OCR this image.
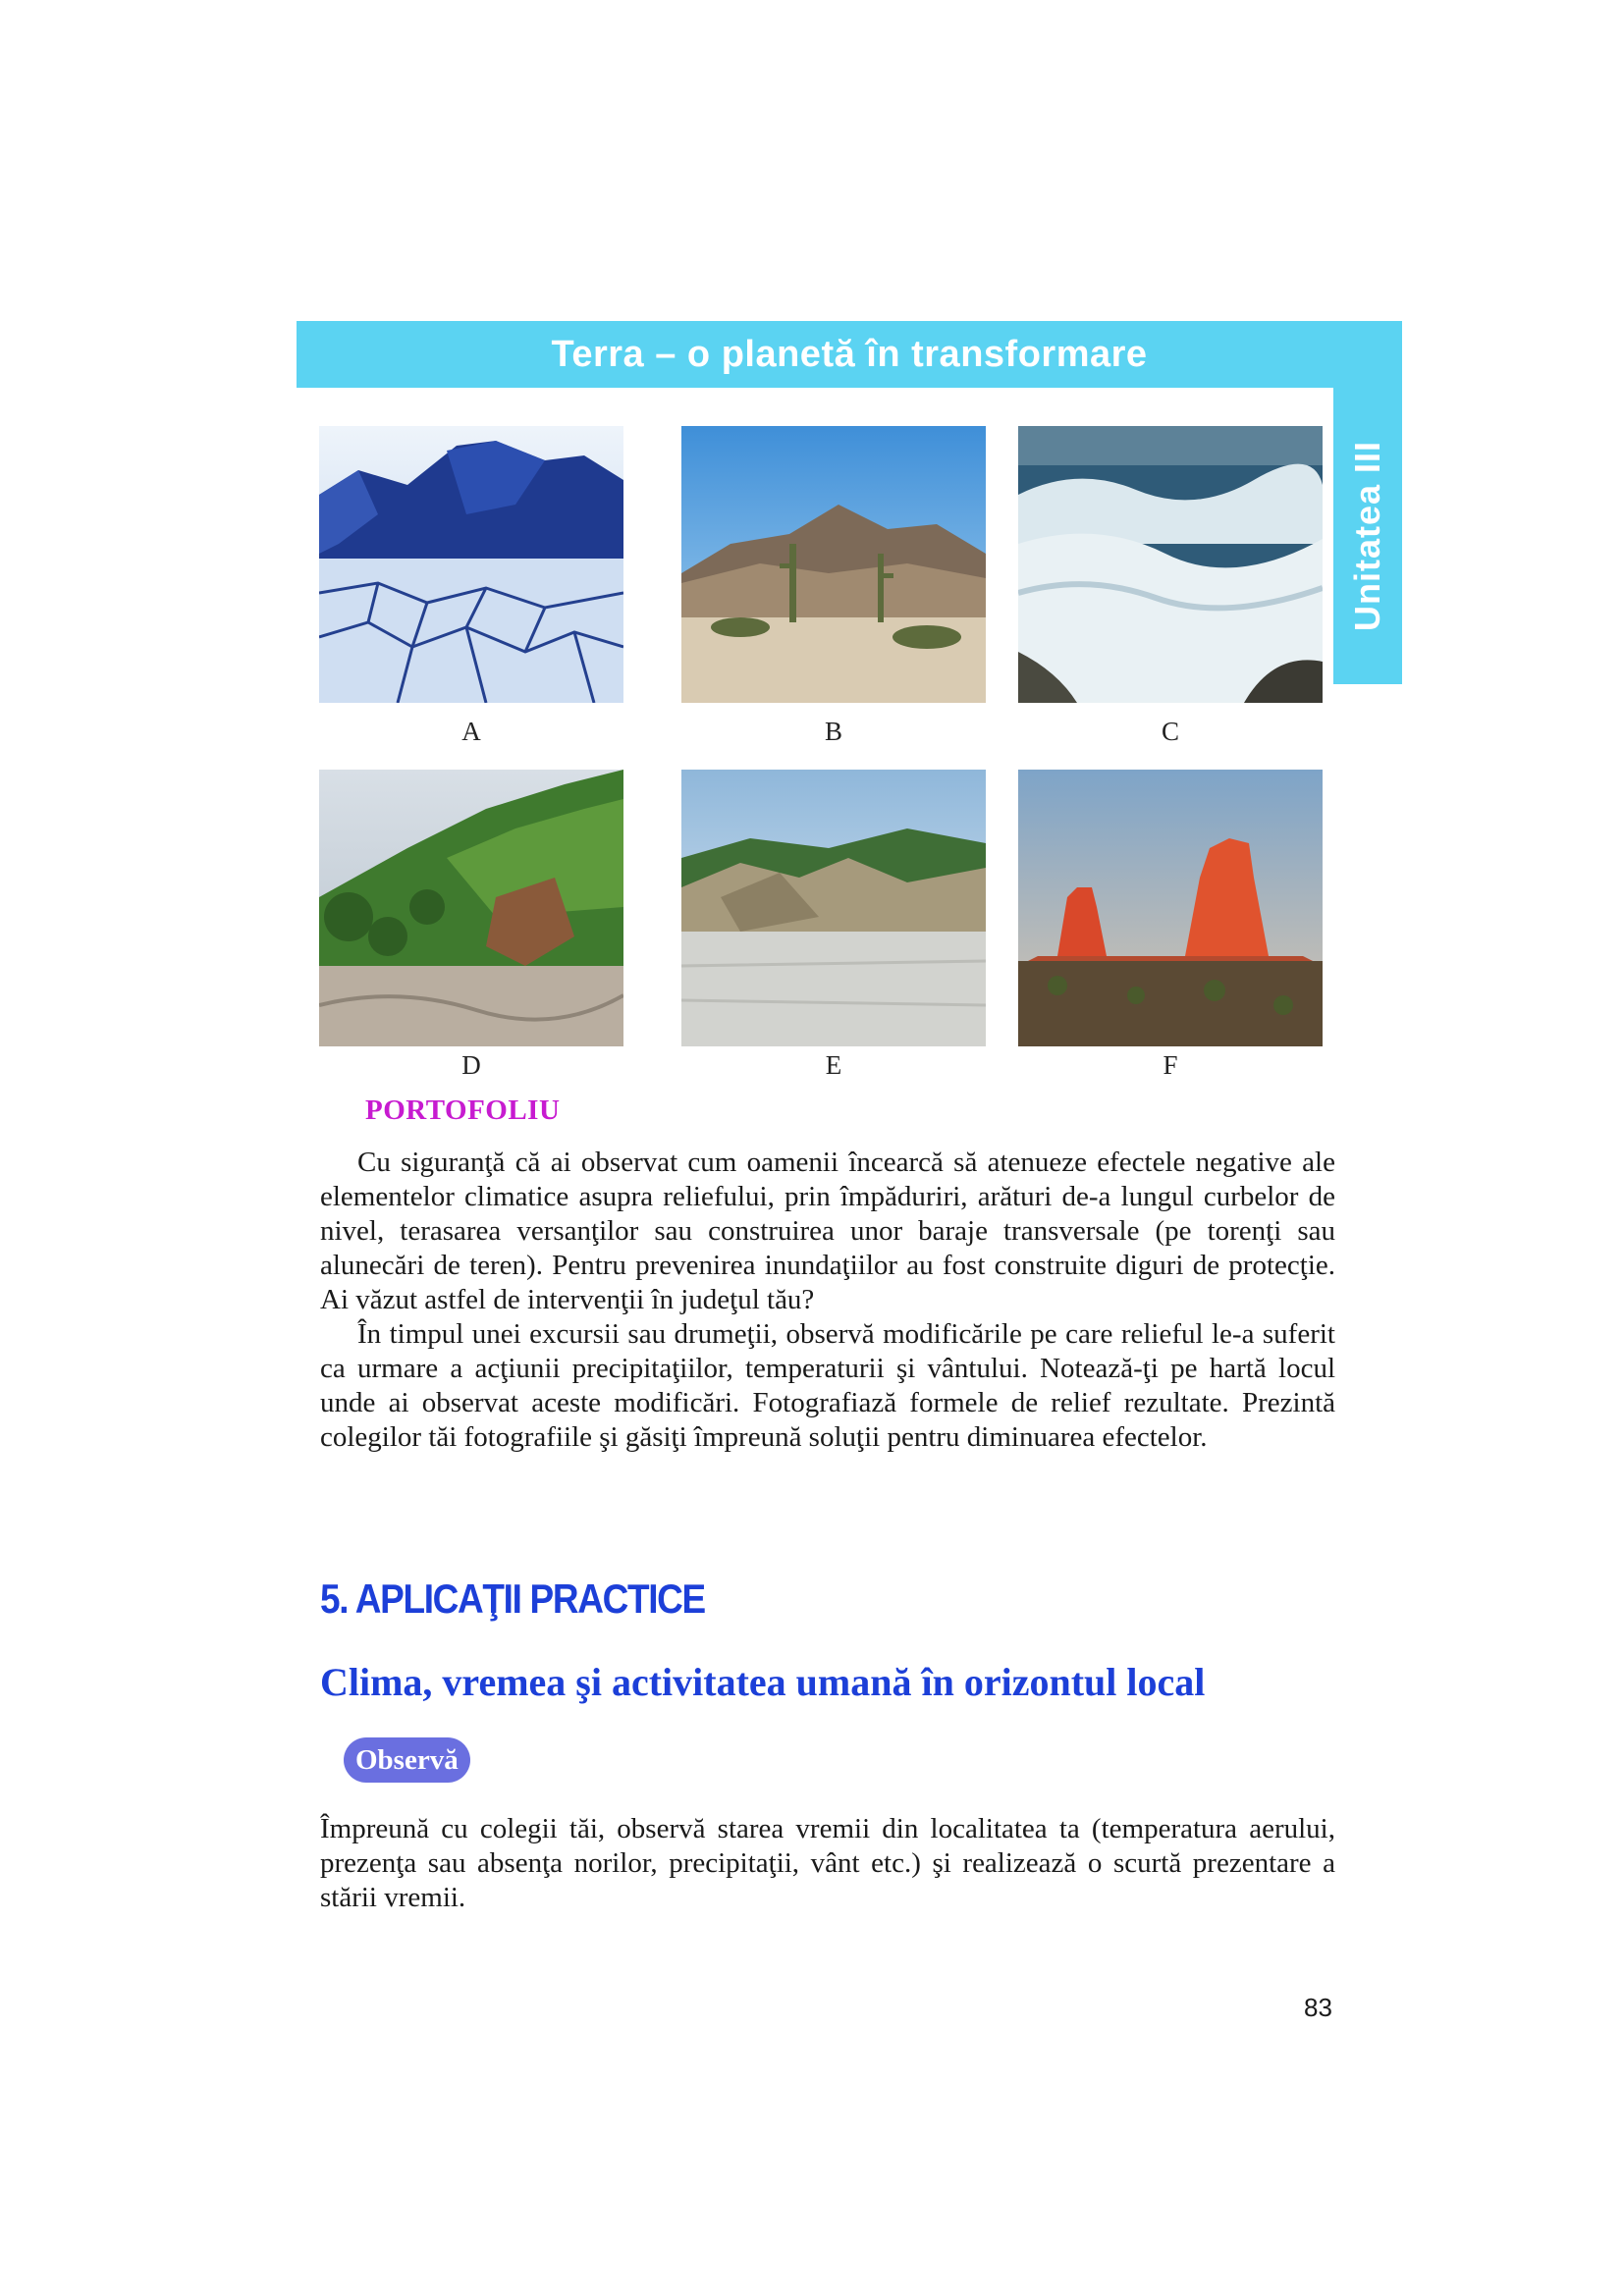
Terra – o planetă în transformare
Unitatea III
A	B	C
D	E	F
PORTOFOLIU

Cu siguranţă că ai observat cum oamenii încearcă să atenueze efectele negative ale elementelor climatice asupra reliefului, prin împăduriri, arături de-a lungul curbelor de nivel, terasarea versanţilor sau construirea unor baraje transversale (pe torenţi sau alunecări de teren). Pentru prevenirea inundaţiilor au fost construite diguri de protecţie. Ai văzut astfel de intervenţii în judeţul tău?

În timpul unei excursii sau drumeţii, observă modificările pe care relieful le-a suferit ca urmare a acţiunii precipitaţiilor, temperaturii şi vântului. Notează-ţi pe hartă locul unde ai observat aceste modificări. Fotografiază formele de relief rezultate. Prezintă colegilor tăi fotografiile şi găsiţi împreună soluţii pentru diminuarea efectelor.

5. APLICAŢII PRACTICE
Clima, vremea şi activitatea umană în orizontul local
Observă

Împreună cu colegii tăi, observă starea vremii din localitatea ta (temperatura aerului, prezenţa sau absenţa norilor, precipitaţii, vânt etc.) şi realizează o scurtă prezentare a stării vremii.

83
